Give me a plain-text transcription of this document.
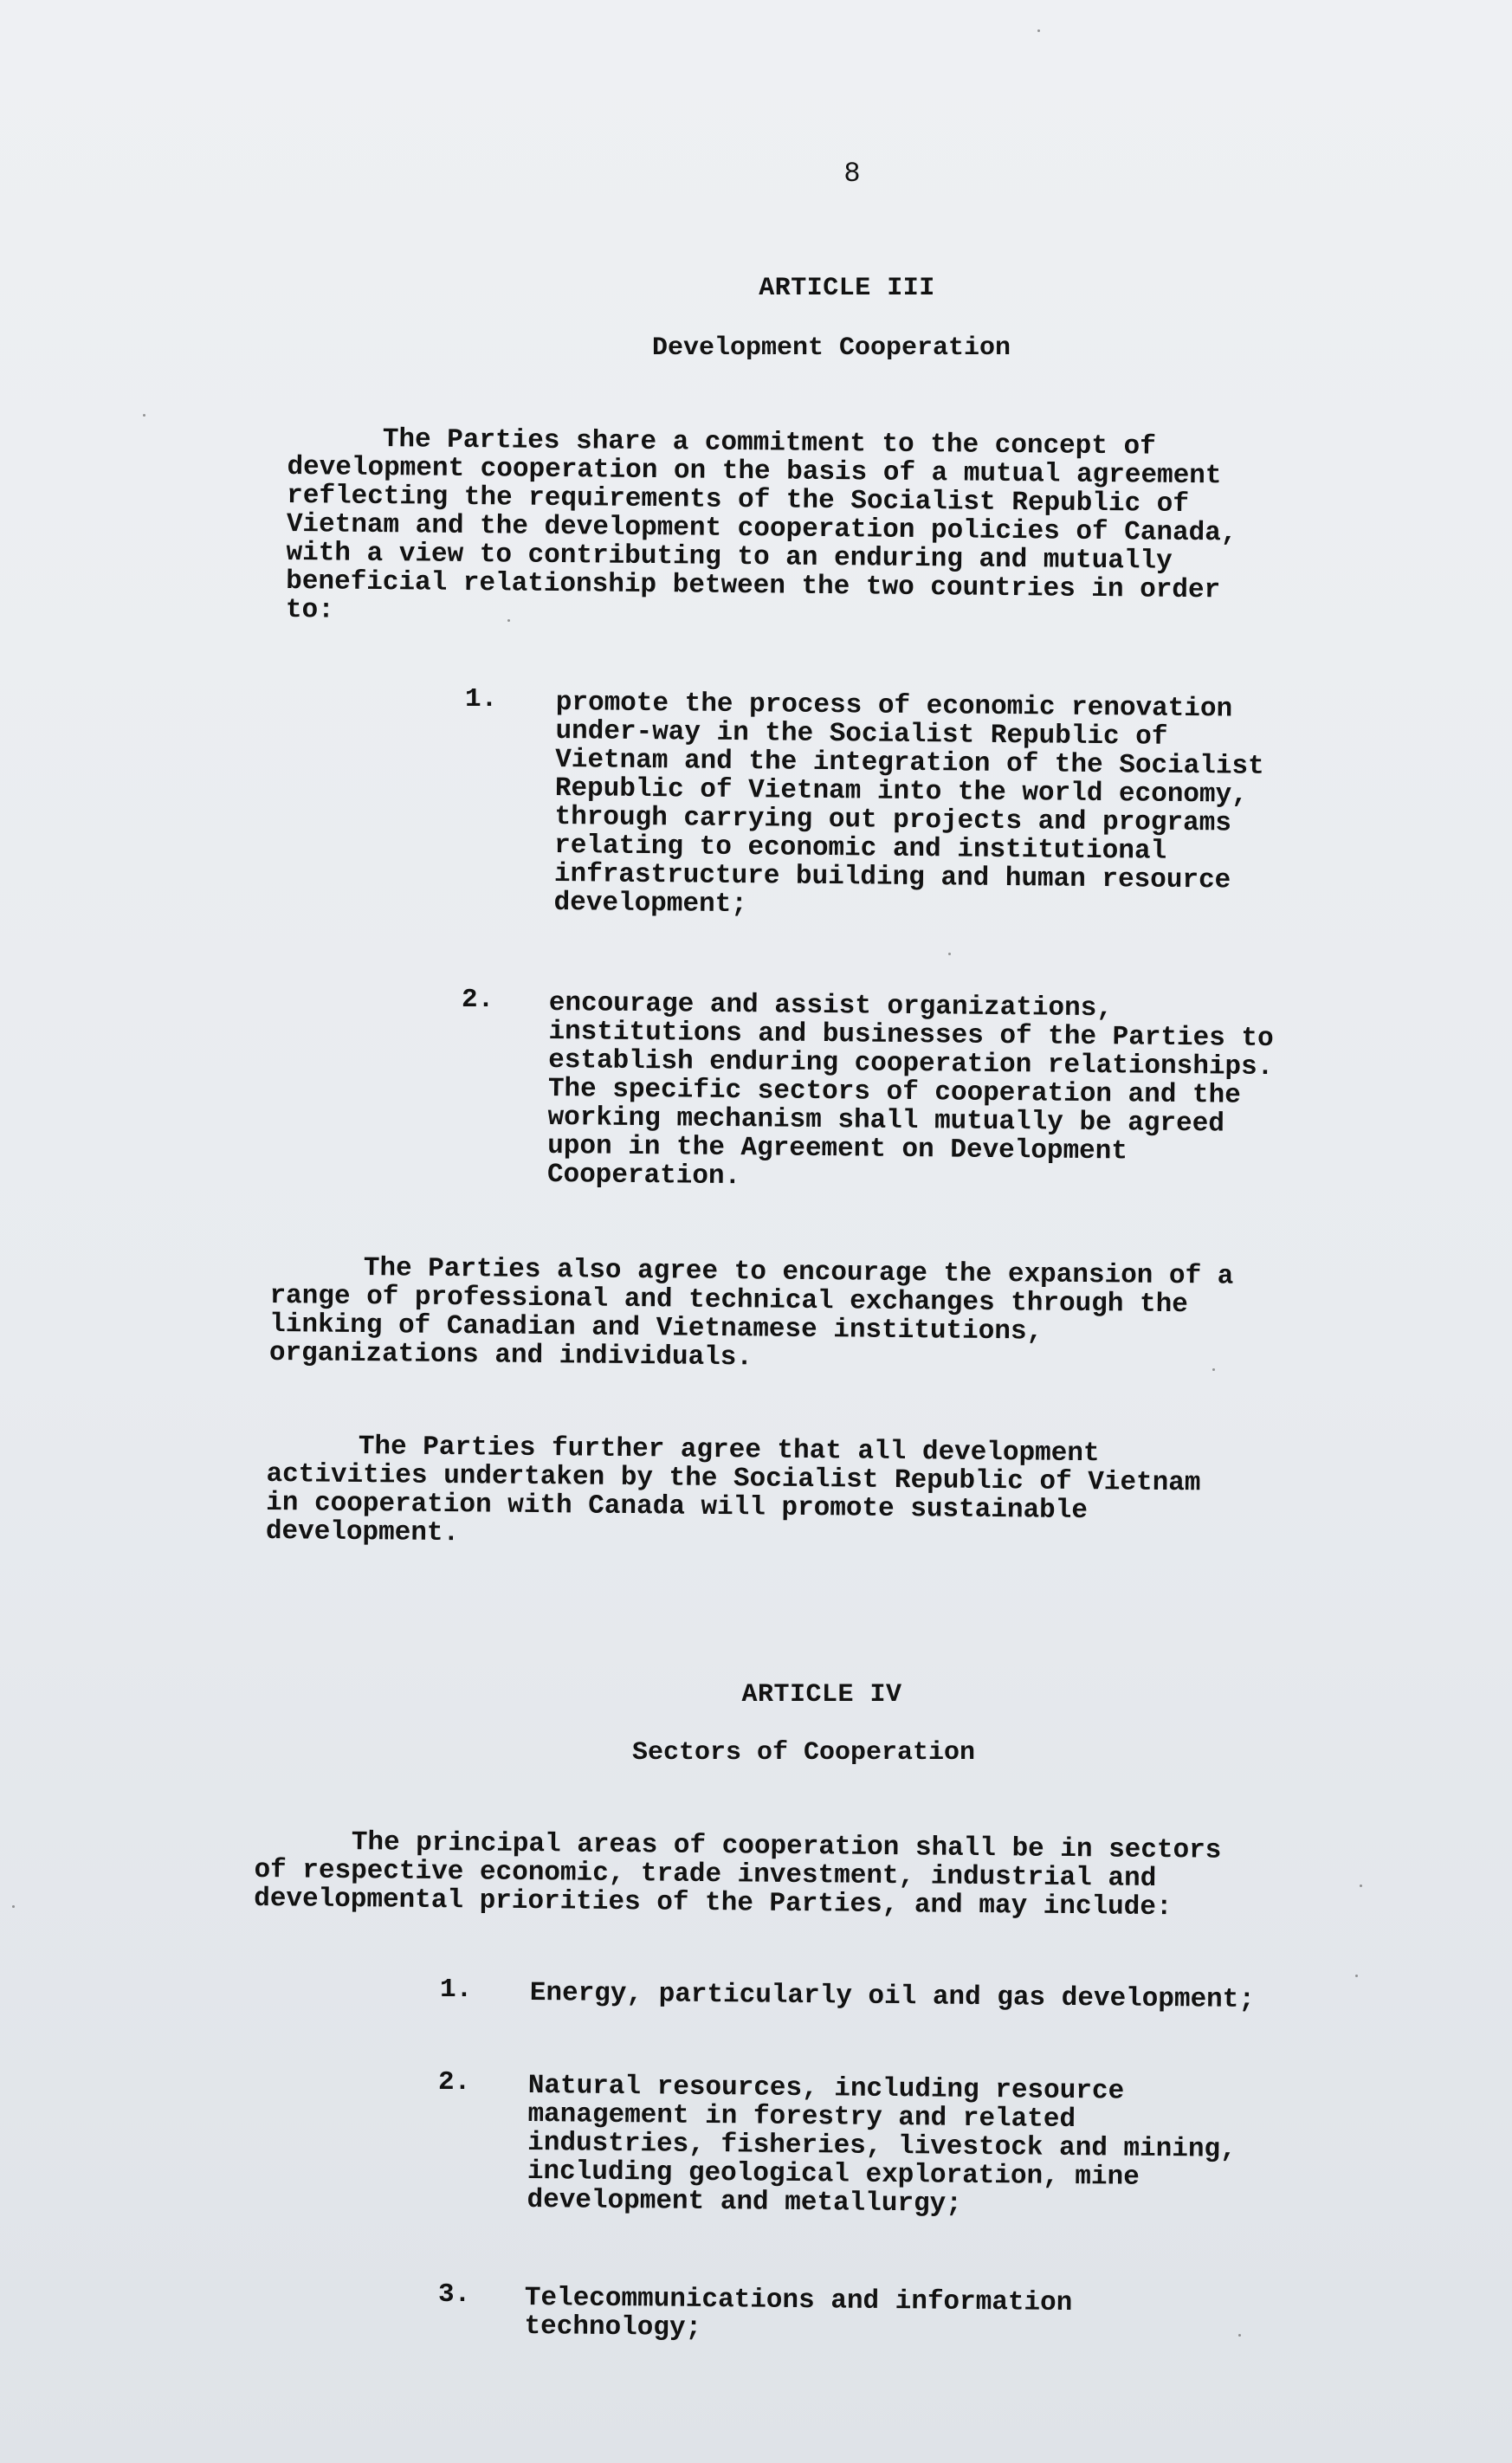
8

ARTICLE III

Development Cooperation

The Parties share a commitment to the concept of
development cooperation on the basis of a mutual agreement
reflecting the requirements of the Socialist Republic of
Vietnam and the development cooperation policies of Canada,
with a view to contributing to an enduring and mutually
beneficial relationship between the two countries in order
to:

1. promote the process of economic renovation
under-way in the Socialist Republic of
Vietnam and the integration of the Socialist
Republic of Vietnam into the world economy,
through carrying out projects and programs
relating to economic and institutional
infrastructure building and human resource
development;

2. encourage and assist organizations,
institutions and businesses of the Parties to
establish enduring cooperation relationships.
The specific sectors of cooperation and the
working mechanism shall mutually be agreed
upon in the Agreement on Development
Cooperation.

The Parties also agree to encourage the expansion of a
range of professional and technical exchanges through the
linking of Canadian and Vietnamese institutions,
organizations and individuals.

The Parties further agree that all development
activities undertaken by the Socialist Republic of Vietnam
in cooperation with Canada will promote sustainable
development.

ARTICLE IV

Sectors of Cooperation

The principal areas of cooperation shall be in sectors
of respective economic, trade investment, industrial and
developmental priorities of the Parties, and may include:

1. Energy, particularly oil and gas development;

2. Natural resources, including resource
management in forestry and related
industries, fisheries, livestock and mining,
including geological exploration, mine
development and metallurgy;

3. Telecommunications and information
technology;
